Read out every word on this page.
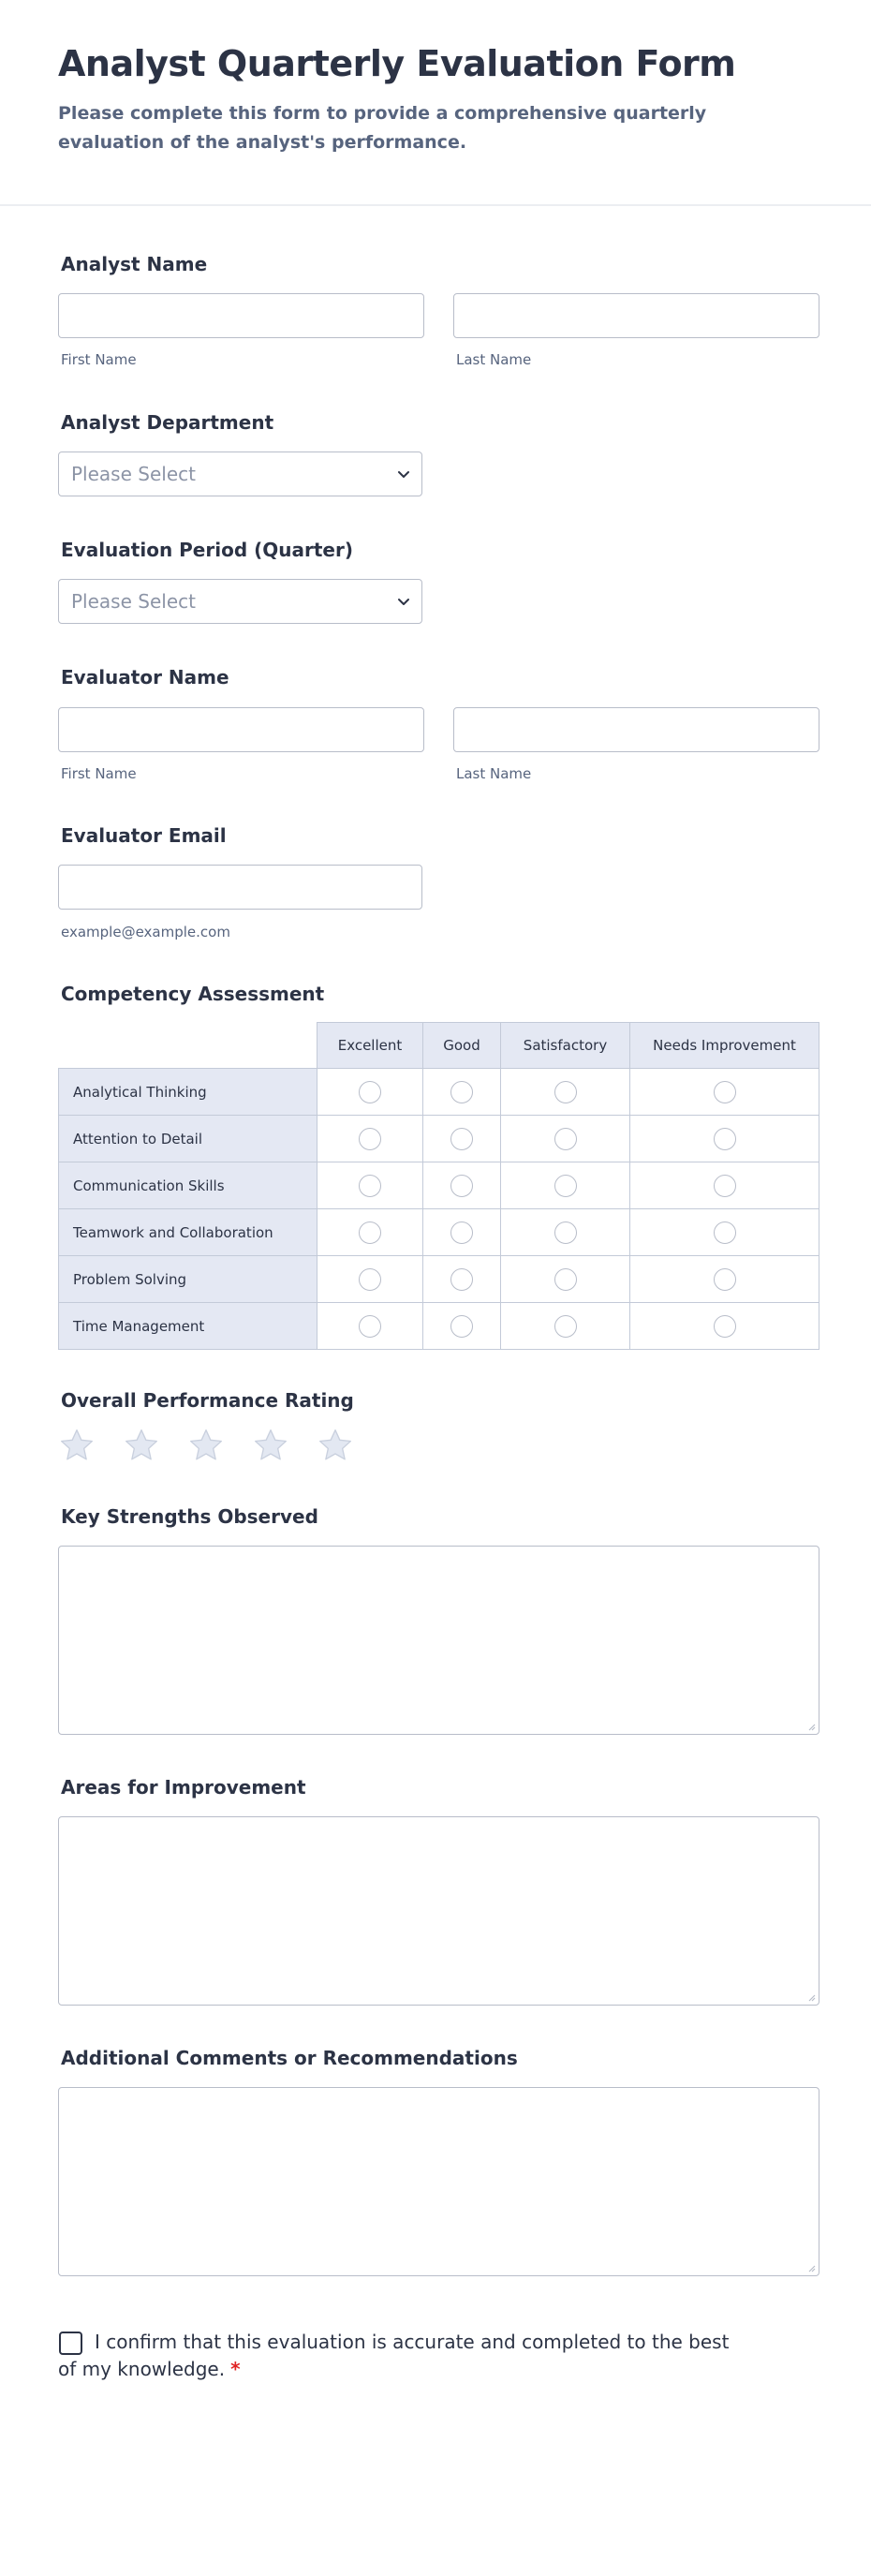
Analyst Quarterly Evaluation Form
Please complete this form to provide a comprehensive quarterly evaluation of the analyst's performance.
Analyst Name
First Name	Last Name
Analyst Department
Please Select
Evaluation Period (Quarter)
Please Select
Evaluator Name
First Name	Last Name
Evaluator Email
example@example.com
Competency Assessment
	Excellent	Good	Satisfactory	Needs Improvement
Analytical Thinking				
Attention to Detail				
Communication Skills				
Teamwork and Collaboration				
Problem Solving				
Time Management				
Overall Performance Rating
Key Strengths Observed
Areas for Improvement
Additional Comments or Recommendations
I confirm that this evaluation is accurate and completed to the best of my knowledge. *
